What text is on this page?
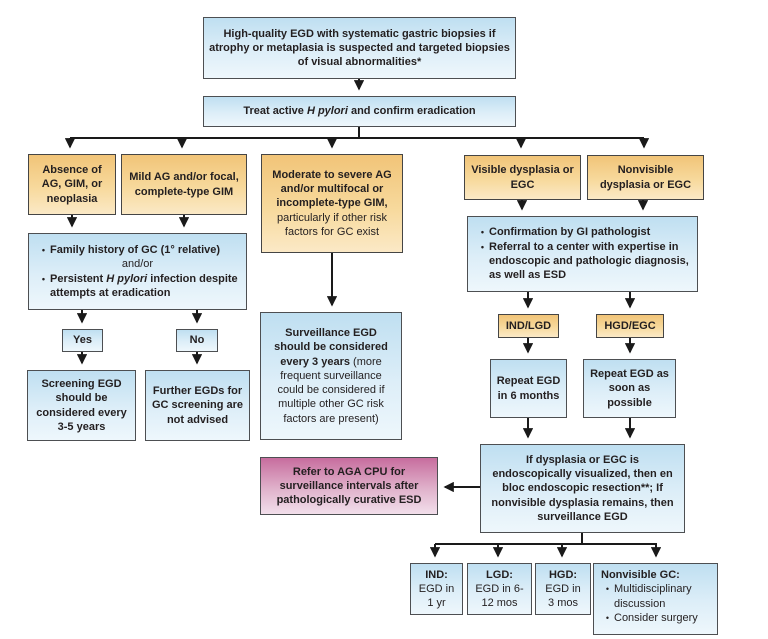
High-quality EGD with systematic gastric biopsies if atrophy or metaplasia is suspected and targeted biopsies of visual abnormalities*
Treat active H pylori and confirm eradication
Absence of AG, GIM, or neoplasia
Mild AG and/or focal, complete-type GIM
Moderate to severe AG and/or multifocal or incomplete-type GIM, particularly if other risk factors for GC exist
Visible dysplasia or EGC
Nonvisible dysplasia or EGC
• Family history of GC (1° relative)
and/or
• Persistent H pylori infection despite attempts at eradication
• Confirmation by GI pathologist
• Referral to a center with expertise in endoscopic and pathologic diagnosis, as well as ESD
Yes	No
Screening EGD should be considered every 3-5 years
Further EGDs for GC screening are not advised
Surveillance EGD should be considered every 3 years (more frequent surveillance could be considered if multiple other GC risk factors are present)
IND/LGD	HGD/EGC
Repeat EGD in 6 months
Repeat EGD as soon as possible
If dysplasia or EGC is endoscopically visualized, then en bloc endoscopic resection**; If nonvisible dysplasia remains, then surveillance EGD
Refer to AGA CPU for surveillance intervals after pathologically curative ESD
IND:
EGD in 1 yr
LGD:
EGD in 6-12 mos
HGD:
EGD in 3 mos
Nonvisible GC:
• Multidisciplinary discussion
• Consider surgery
